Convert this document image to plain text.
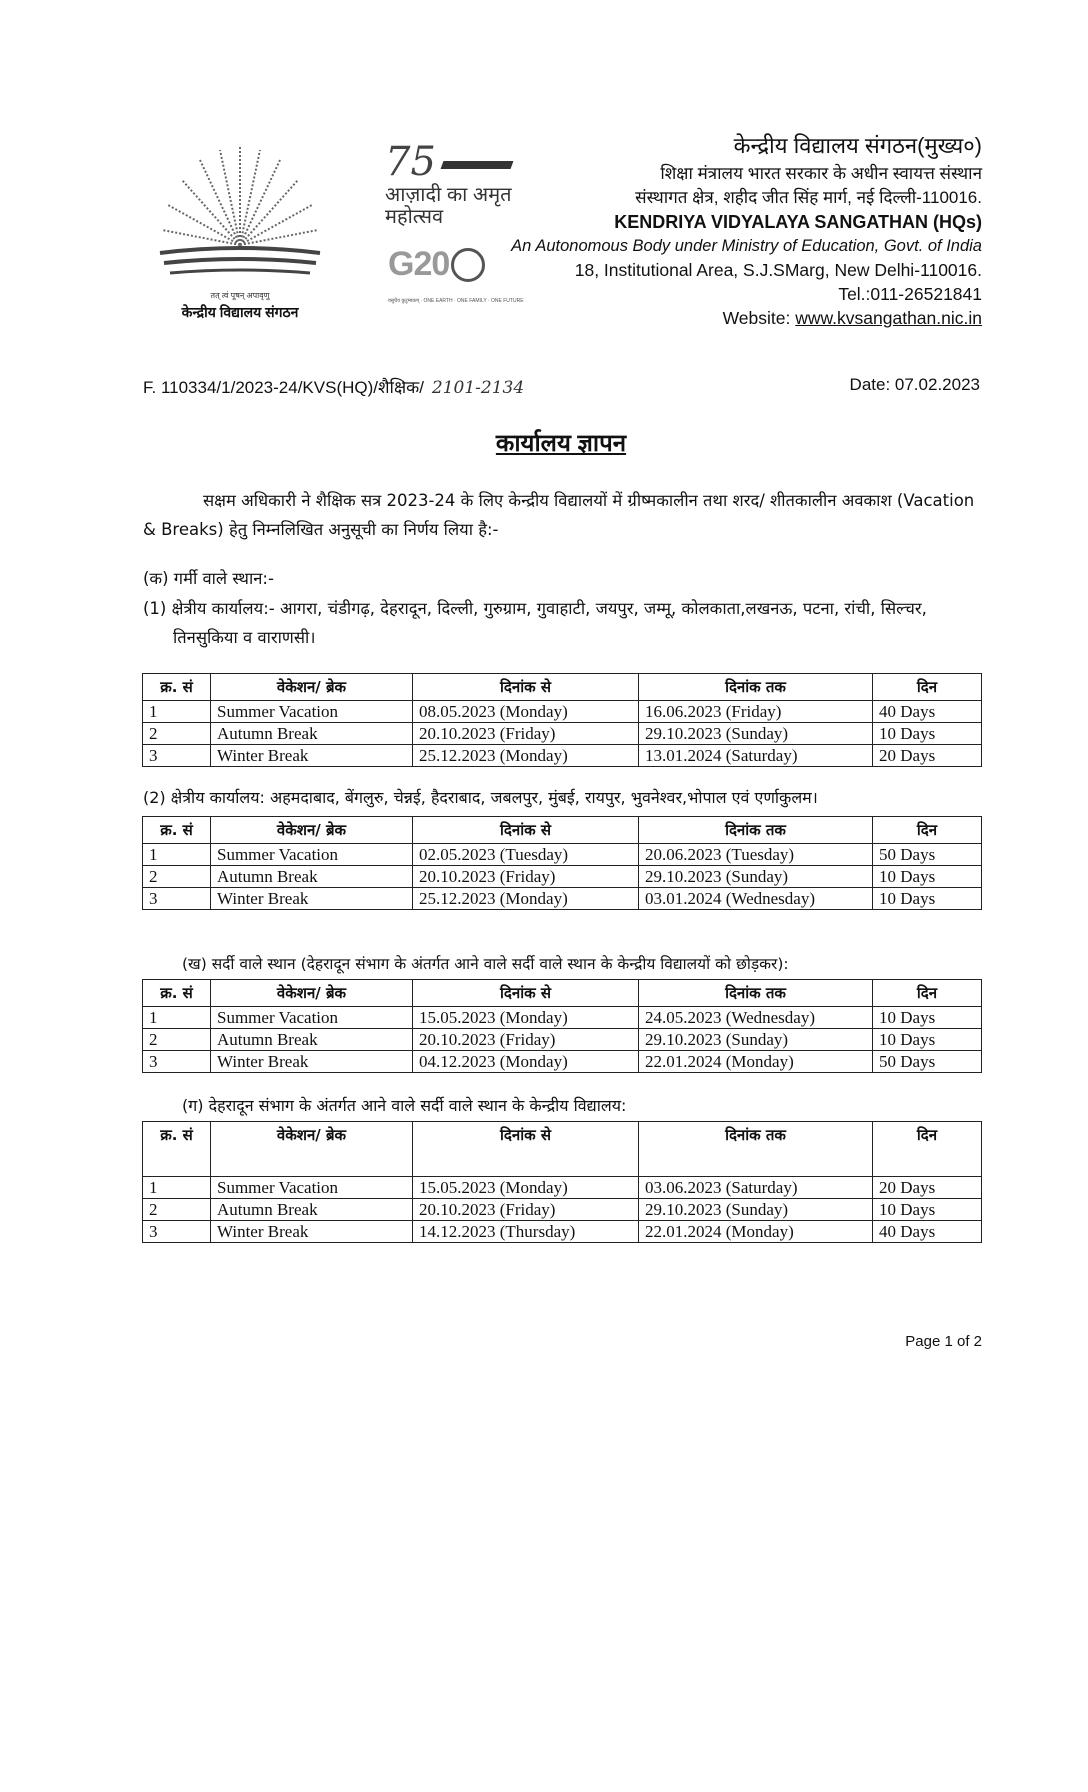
तत् त्वं पूषन् अपावृणु
केन्द्रीय विद्यालय संगठन
75
आज़ादी का अमृत महोत्सव
G20
वसुधैव कुटुम्बकम् · ONE EARTH · ONE FAMILY · ONE FUTURE
केन्द्रीय विद्यालय संगठन(मुख्य०)
शिक्षा मंत्रालय भारत सरकार के अधीन स्वायत्त संस्थान
संस्थागत क्षेत्र, शहीद जीत सिंह मार्ग, नई दिल्ली-110016.
KENDRIYA VIDYALAYA SANGATHAN (HQs)
An Autonomous Body under Ministry of Education, Govt. of India
18, Institutional Area, S.J.SMarg, New Delhi-110016.
Tel.:011-26521841
Website: www.kvsangathan.nic.in
F. 110334/1/2023-24/KVS(HQ)/शैक्षिक/ 2101-2134	Date: 07.02.2023
कार्यालय ज्ञापन
सक्षम अधिकारी ने शैक्षिक सत्र 2023-24 के लिए केन्द्रीय विद्यालयों में ग्रीष्मकालीन तथा शरद/ शीतकालीन अवकाश (Vacation & Breaks) हेतु निम्नलिखित अनुसूची का निर्णय लिया है:-
(क) गर्मी वाले स्थान:-
(1) क्षेत्रीय कार्यालय:- आगरा, चंडीगढ़, देहरादून, दिल्ली, गुरुग्राम, गुवाहाटी, जयपुर, जम्मू, कोलकाता,लखनऊ, पटना, रांची, सिल्चर, तिनसुकिया व वाराणसी।
क्र. सं	वेकेशन/ ब्रेक	दिनांक से	दिनांक तक	दिन
1	Summer Vacation	08.05.2023 (Monday)	16.06.2023 (Friday)	40 Days
2	Autumn Break	20.10.2023 (Friday)	29.10.2023 (Sunday)	10 Days
3	Winter Break	25.12.2023 (Monday)	13.01.2024 (Saturday)	20 Days
(2) क्षेत्रीय कार्यालय: अहमदाबाद, बेंगलुरु, चेन्नई, हैदराबाद, जबलपुर, मुंबई, रायपुर, भुवनेश्वर,भोपाल एवं एर्णाकुलम।
क्र. सं	वेकेशन/ ब्रेक	दिनांक से	दिनांक तक	दिन
1	Summer Vacation	02.05.2023 (Tuesday)	20.06.2023 (Tuesday)	50 Days
2	Autumn Break	20.10.2023 (Friday)	29.10.2023 (Sunday)	10 Days
3	Winter Break	25.12.2023 (Monday)	03.01.2024 (Wednesday)	10 Days
(ख) सर्दी वाले स्थान (देहरादून संभाग के अंतर्गत आने वाले सर्दी वाले स्थान के केन्द्रीय विद्यालयों को छोड़कर):
क्र. सं	वेकेशन/ ब्रेक	दिनांक से	दिनांक तक	दिन
1	Summer Vacation	15.05.2023 (Monday)	24.05.2023 (Wednesday)	10 Days
2	Autumn Break	20.10.2023 (Friday)	29.10.2023 (Sunday)	10 Days
3	Winter Break	04.12.2023 (Monday)	22.01.2024 (Monday)	50 Days
(ग) देहरादून संभाग के अंतर्गत आने वाले सर्दी वाले स्थान के केन्द्रीय विद्यालय:
क्र. सं	वेकेशन/ ब्रेक	दिनांक से	दिनांक तक	दिन
1	Summer Vacation	15.05.2023 (Monday)	03.06.2023 (Saturday)	20 Days
2	Autumn Break	20.10.2023 (Friday)	29.10.2023 (Sunday)	10 Days
3	Winter Break	14.12.2023 (Thursday)	22.01.2024 (Monday)	40 Days
Page 1 of 2
